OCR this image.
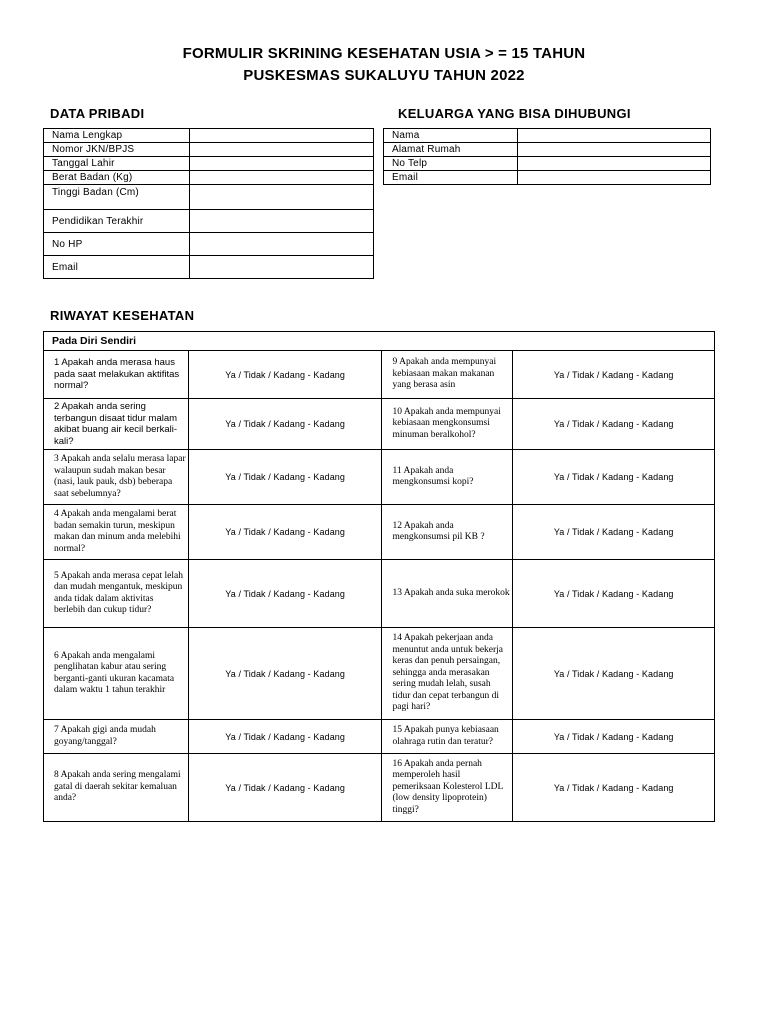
FORMULIR SKRINING KESEHATAN USIA > = 15 TAHUN
PUSKESMAS SUKALUYU TAHUN 2022
DATA PRIBADI	KELUARGA YANG BISA DIHUBUNGI
Nama Lengkap	
Nomor JKN/BPJS	
Tanggal Lahir	
Berat Badan (Kg)	
Tinggi Badan (Cm)	
Pendidikan Terakhir	
No HP	
Email	
Nama	
Alamat Rumah	
No Telp	
Email	
RIWAYAT KESEHATAN
Pada Diri Sendiri			
1 Apakah anda merasa haus pada saat melakukan aktifitas normal?	Ya / Tidak / Kadang - Kadang	9 Apakah anda mempunyai kebiasaan makan makanan yang berasa asin	Ya / Tidak / Kadang - Kadang
2 Apakah anda sering terbangun disaat tidur malam akibat buang air kecil berkali-kali?	Ya / Tidak / Kadang - Kadang	10 Apakah anda mempunyai kebiasaan mengkonsumsi minuman beralkohol?	Ya / Tidak / Kadang - Kadang
3 Apakah anda selalu merasa lapar walaupun sudah makan besar (nasi, lauk pauk, dsb) beberapa saat sebelumnya?	Ya / Tidak / Kadang - Kadang	11 Apakah anda mengkonsumsi kopi?	Ya / Tidak / Kadang - Kadang
4 Apakah anda mengalami berat badan semakin turun, meskipun makan dan minum anda melebihi normal?	Ya / Tidak / Kadang - Kadang	12 Apakah anda mengkonsumsi pil KB ?	Ya / Tidak / Kadang - Kadang
5 Apakah anda merasa cepat lelah dan mudah mengantuk, meskipun anda tidak dalam aktivitas berlebih dan cukup tidur?	Ya / Tidak / Kadang - Kadang	13 Apakah anda suka merokok	Ya / Tidak / Kadang - Kadang
6 Apakah anda mengalami penglihatan kabur atau sering berganti-ganti ukuran kacamata dalam waktu 1 tahun terakhir	Ya / Tidak / Kadang - Kadang	14 Apakah pekerjaan anda menuntut anda untuk bekerja keras dan penuh persaingan, sehingga anda merasakan sering mudah lelah, susah tidur dan cepat terbangun di pagi hari?	Ya / Tidak / Kadang - Kadang
7 Apakah gigi anda mudah goyang/tanggal?	Ya / Tidak / Kadang - Kadang	15 Apakah punya kebiasaan olahraga rutin dan teratur?	Ya / Tidak / Kadang - Kadang
8 Apakah anda sering mengalami gatal di daerah sekitar kemaluan anda?	Ya / Tidak / Kadang - Kadang	16 Apakah anda pernah memperoleh hasil pemeriksaan Kolesterol LDL (low density lipoprotein) tinggi?	Ya / Tidak / Kadang - Kadang
